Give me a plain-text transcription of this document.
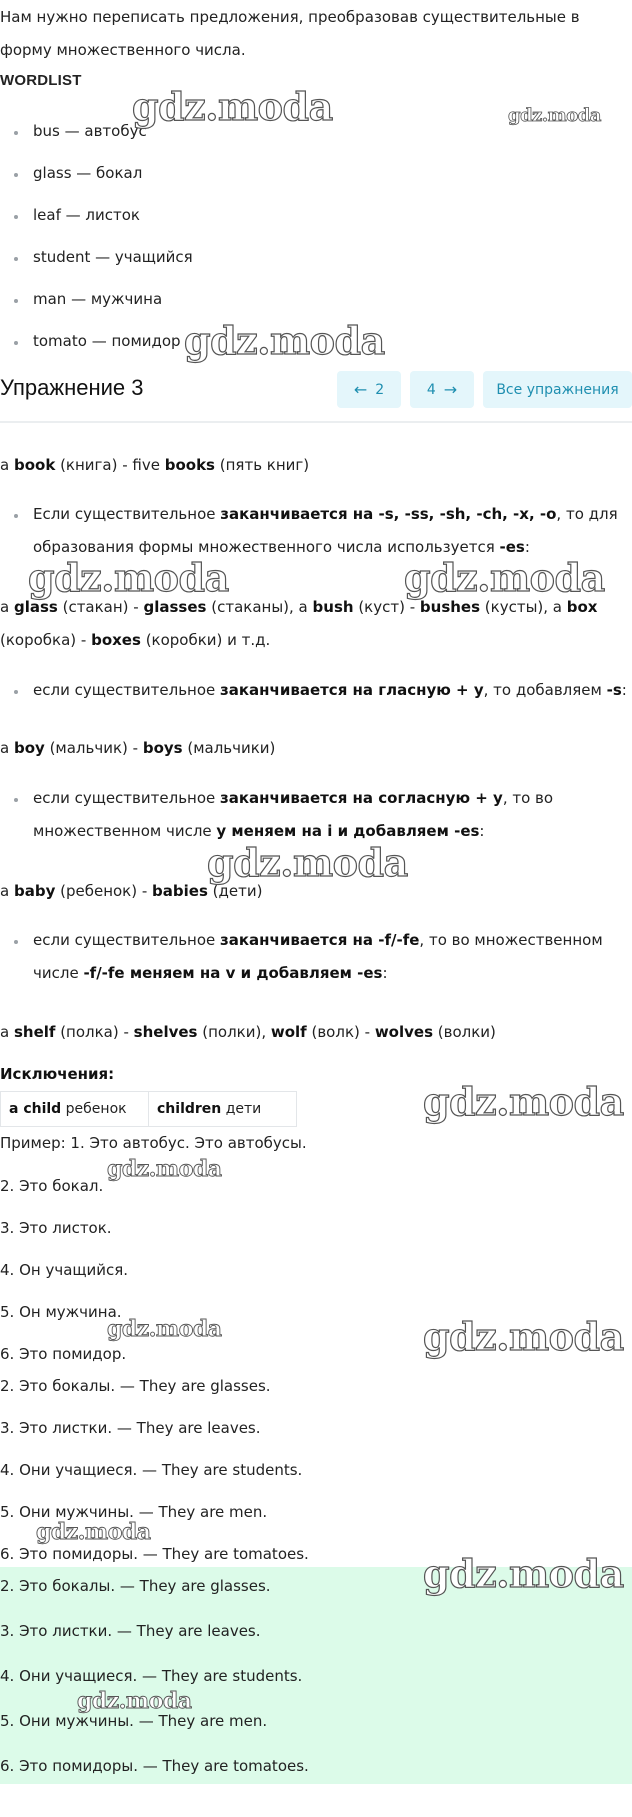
Нам нужно переписать предложения, преобразовав существительные в
форму множественного числа.
WORDLIST
bus — автобус
glass — бокал
leaf — листок
student — учащийся
man — мужчина
tomato — помидор
Упражнение 3	← 2	4 →	Все упражнения
a book (книга) - five books (пять книг)
Если существительное заканчивается на -s, -ss, -sh, -ch, -x, -o, то для
образования формы множественного числа используется -es:
a glass (стакан) - glasses (стаканы), a bush (куст) - bushes (кусты), a box
(коробка) - boxes (коробки) и т.д.
если существительное заканчивается на гласную + y, то добавляем -s:
a boy (мальчик) - boys (мальчики)
если существительное заканчивается на согласную + y, то во
множественном числе y меняем на i и добавляем -es:
a baby (ребенок) - babies (дети)
если существительное заканчивается на -f/-fe, то во множественном
числе -f/-fe меняем на v и добавляем -es:
a shelf (полка) - shelves (полки), wolf (волк) - wolves (волки)
Исключения:
a child ребенок	children дети
Пример: 1. Это автобус. Это автобусы.
2. Это бокал.
3. Это листок.
4. Он учащийся.
5. Он мужчина.
6. Это помидор.
2. Это бокалы. — They are glasses.
3. Это листки. — They are leaves.
4. Они учащиеся. — They are students.
5. Они мужчины. — They are men.
6. Это помидоры. — They are tomatoes.
2. Это бокалы. — They are glasses.
3. Это листки. — They are leaves.
4. Они учащиеся. — They are students.
5. Они мужчины. — They are men.
6. Это помидоры. — They are tomatoes.
gdz.moda	gdz.moda
gdz.moda
gdz.moda	gdz.moda
gdz.moda
gdz.moda
gdz.moda
gdz.moda	gdz.moda
gdz.moda
gdz.moda
gdz.moda
